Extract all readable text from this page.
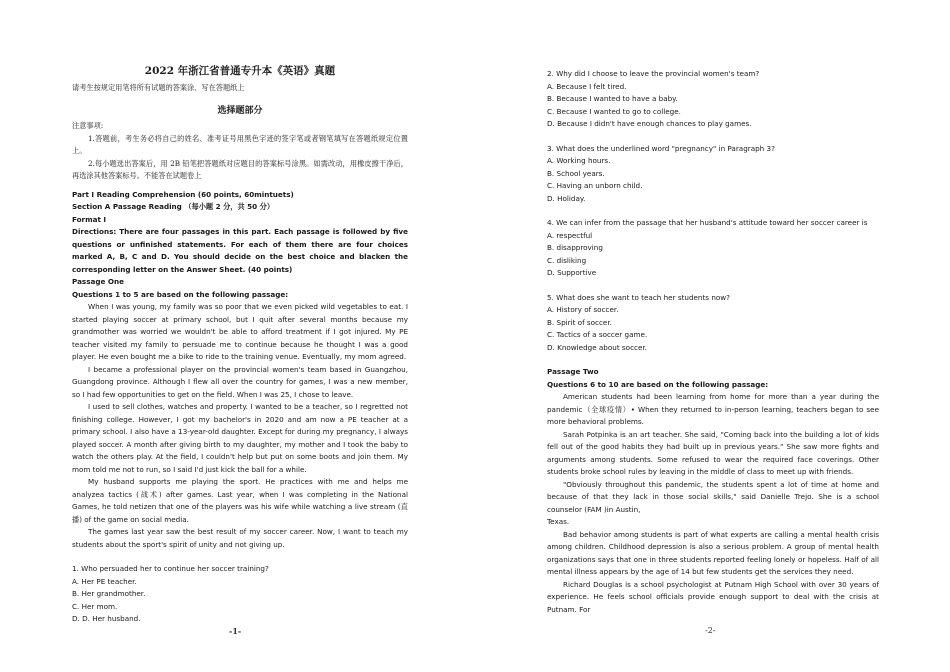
2022 年浙江省普通专升本《英语》真题

请考生按规定用笔将所有试题的答案涂、写在答题纸上

选择题部分

注意事项:

1.答题前，考生务必将自己的姓名、准考证号用黑色字迹的签字笔或者钢笔填写在答题纸规定位置上。

2.每小题选出答案后，用 2B 铅笔把答题纸对应题目的答案标号涂黑。如需改动，用橡皮擦干净后，再选涂其他答案标号。不能答在试题卷上

Part I Reading Comprehension (60 points, 60mintuets)

Section A Passage Reading （每小题 2 分，共 50 分）

Format I

Directions: There are four passages in this part. Each passage is followed by five questions or unfinished statements. For each of them there are four choices marked A, B, C and D. You should decide on the best choice and blacken the corresponding letter on the Answer Sheet. (40 points)

Passage One

Questions 1 to 5 are based on the following passage:

When I was young, my family was so poor that we even picked wild vegetables to eat. I started playing soccer at primary school, but I quit after several months because my grandmother was worried we wouldn't be able to afford treatment if I got injured. My PE teacher visited my family to persuade me to continue because he thought I was a good player. He even bought me a bike to ride to the training venue. Eventually, my mom agreed.

I became a professional player on the provincial women's team based in Guangzhou, Guangdong province. Although I flew all over the country for games, I was a new member, so I had few opportunities to get on the field. When I was 25, I chose to leave.

I used to sell clothes, watches and property. I wanted to be a teacher, so I regretted not finishing college. However, I got my bachelor's in 2020 and am now a PE teacher at a primary school. I also have a 13-year-old daughter. Except for during my pregnancy, I always played soccer. A month after giving birth to my daughter, my mother and I took the baby to watch the others play. At the field, I couldn't help but put on some boots and join them. My mom told me not to run, so I said I'd just kick the ball for a while.

My husband supports me playing the sport. He practices with me and helps me analyzea tactics (战术) after games. Last year, when I was completing in the National Games, he told netizen that one of the players was his wife while watching a live stream (直播) of the game on social media.

The games last year saw the best result of my soccer career. Now, I want to teach my students about the sport's spirit of unity and not giving up.

1. Who persuaded her to continue her soccer training?

A. Her PE teacher.

B. Her grandmother.

C. Her mom.

D. D. Her husband.

-1-

2. Why did I choose to leave the provincial women's team?

A. Because I felt tired.

B. Because I wanted to have a baby.

C. Because I wanted to go to college.

D. Because I didn't have enough chances to play games.

3. What does the underlined word "pregnancy" in Paragraph 3?

A. Working hours.

B. School years.

C. Having an unborn child.

D. Holiday.

4. We can infer from the passage that her husband's attitude toward her soccer career is

A. respectful

B. disapproving

C. disliking

D. Supportive

5. What does she want to teach her students now?

A. History of soccer.

B. Spirit of soccer.

C. Tactics of a soccer game.

D. Knowledge about soccer.

Passage Two

Questions 6 to 10 are based on the following passage:

American students had been learning from home for more than a year during the pandemic（全球疫情）• When they returned to in-person learning, teachers began to see more behavioral problems.

Sarah Potpinka is an art teacher. She said, "Coming back into the building a lot of kids fell out of the good habits they had built up in previous years." She saw more fights and arguments among students. Some refused to wear the required face coverings. Other students broke school rules by leaving in the middle of class to meet up with friends.

"Obviously throughout this pandemic, the students spent a lot of time at home and because of that they lack in those social skills," said Danielle Trejo. She is a school counselor (FAM )in Austin,

Texas.

Bad behavior among students is part of what experts are calling a mental health crisis among children. Childhood depression is also a serious problem. A group of mental health organizations says that one in three students reported feeling lonely or hopeless. Half of all mental illness appears by the age of 14 but few students get the services they need.

Richard Douglas is a school psychologist at Putnam High School with over 30 years of experience. He feels school officials provide enough support to deal with the crisis at Putnam. For

-2-
